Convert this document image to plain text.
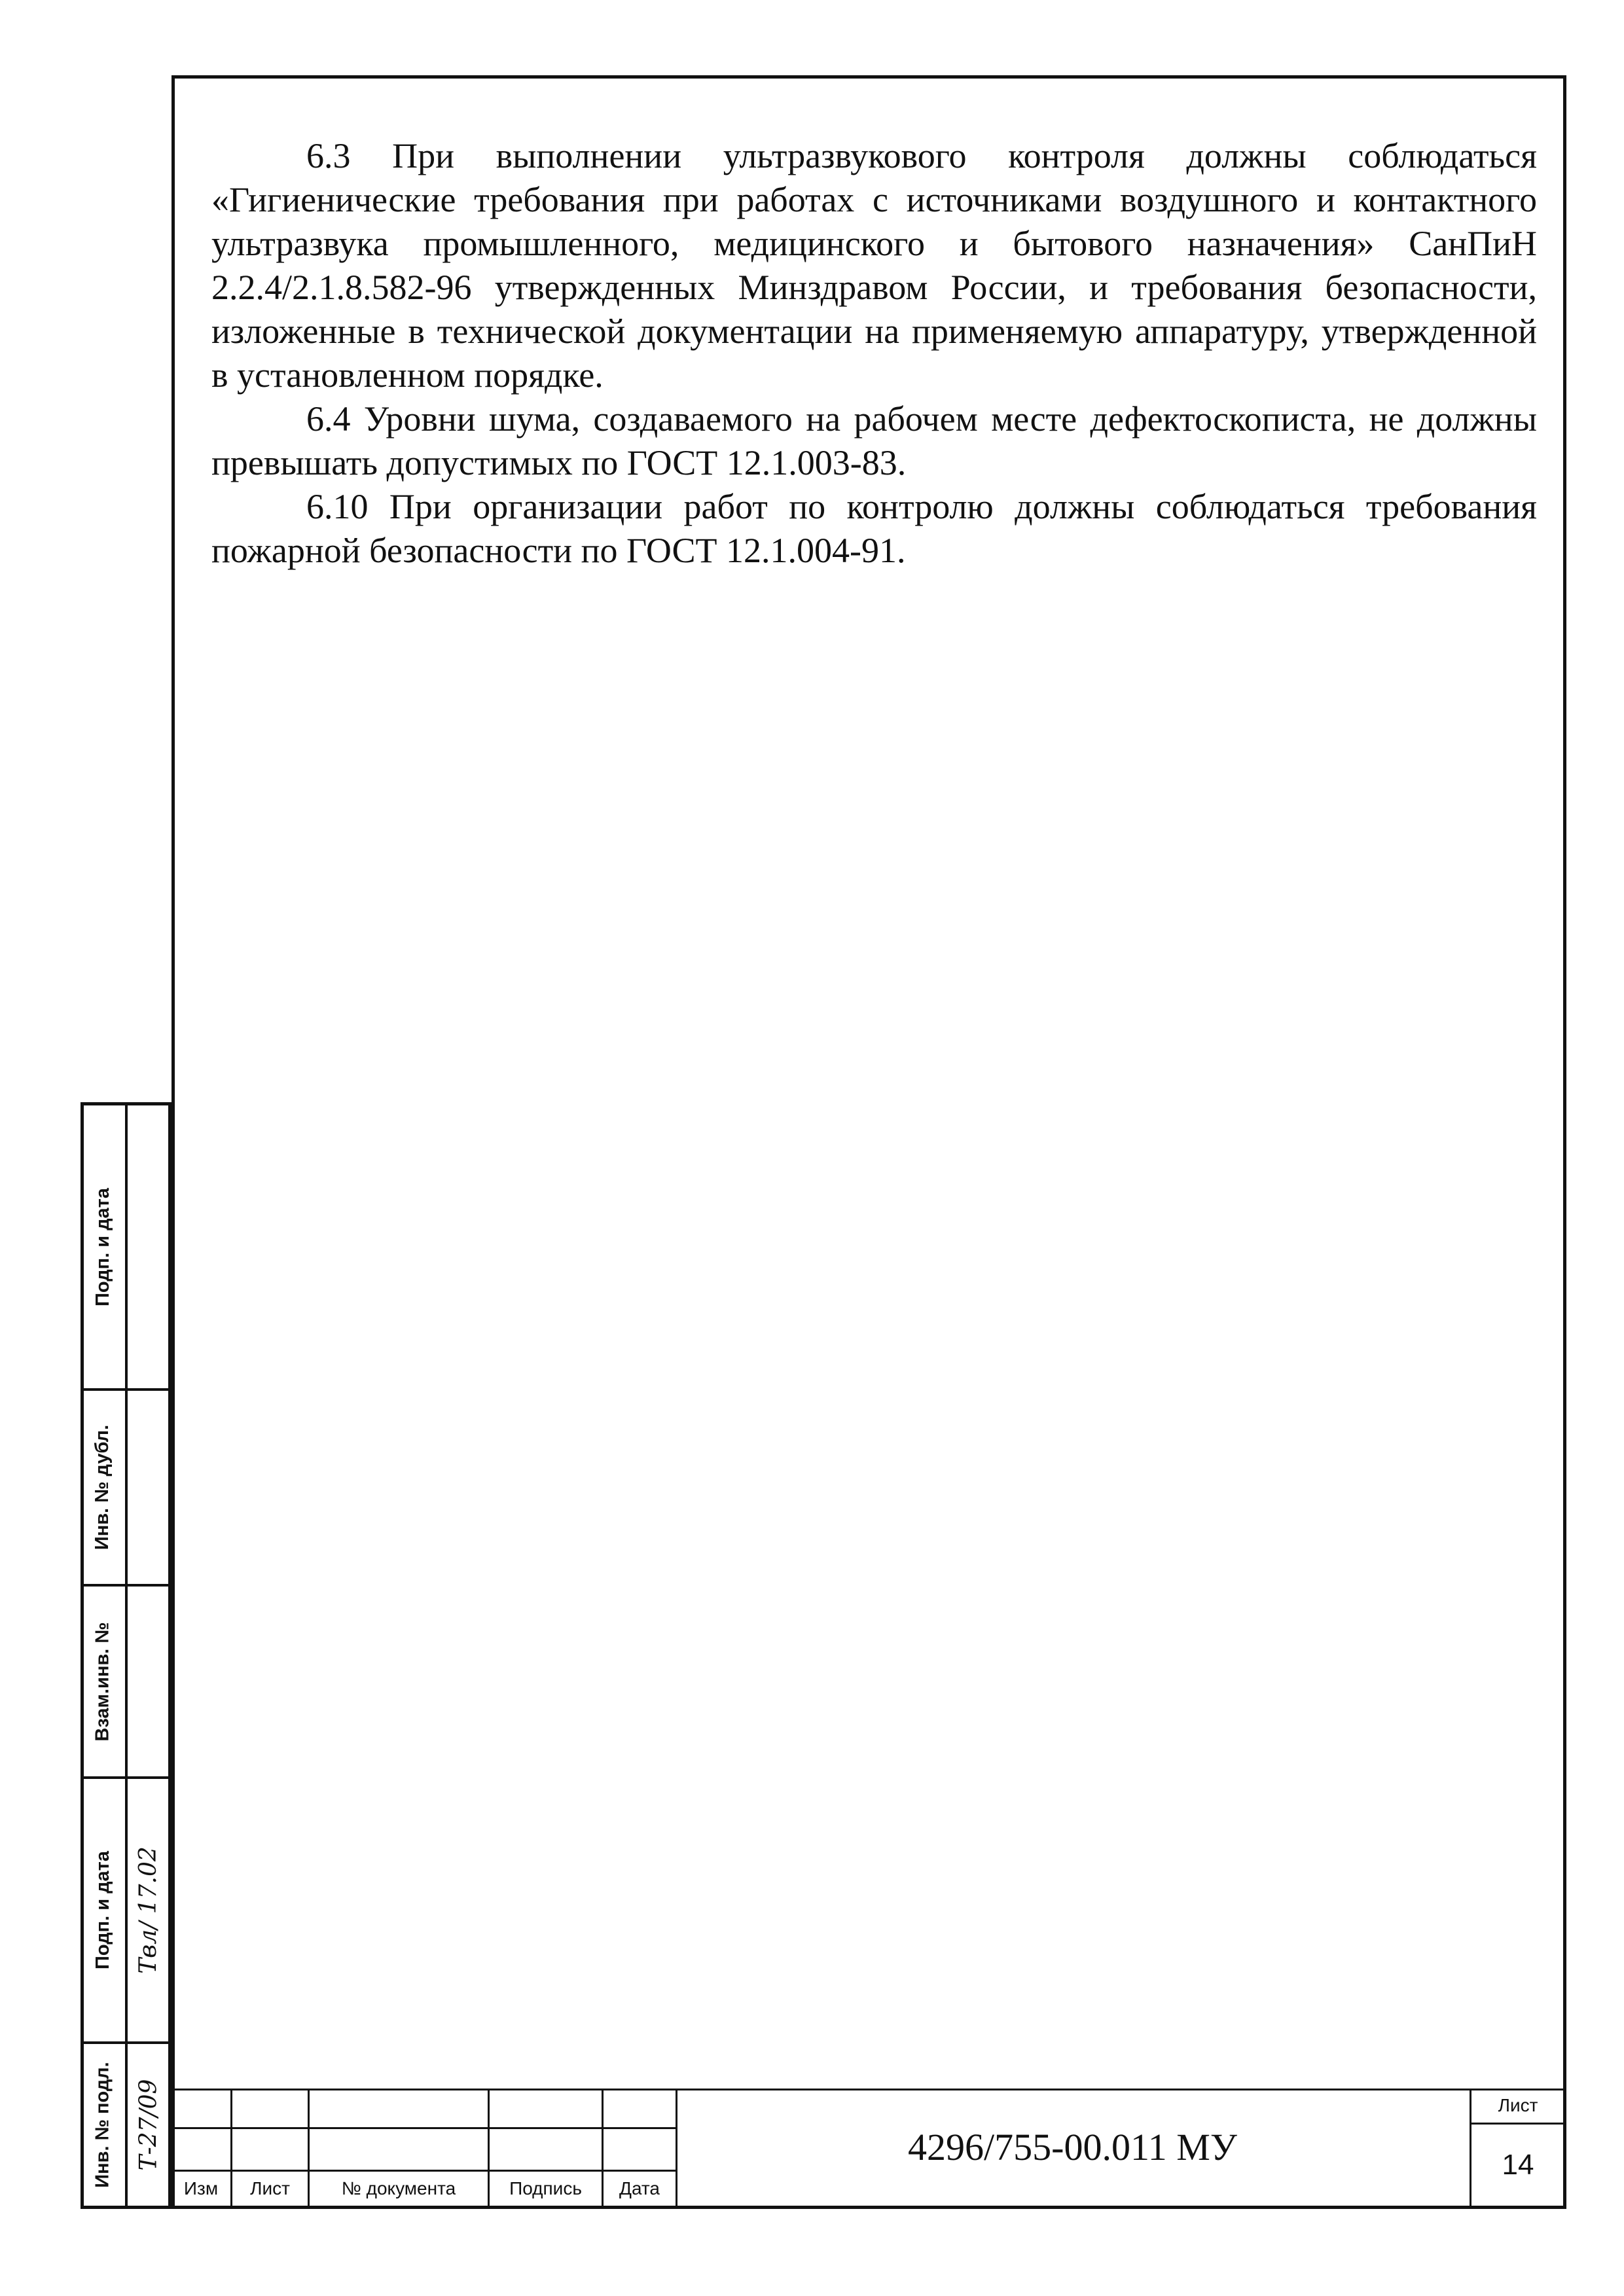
6.3 При выполнении ультразвукового контроля должны соблюдаться «Гигиенические требования при работах с источниками воздушного и контактного ультразвука промышленного, медицинского и бытового назначения» СанПиН 2.2.4/2.1.8.582-96 утвержденных Минздравом России, и требования безопасности, изложенные в технической документации на применяемую аппаратуру, утвержденной в установленном порядке.

6.4 Уровни шума, создаваемого на рабочем месте дефектоскописта, не должны превышать допустимых по ГОСТ 12.1.003-83.

6.10 При организации работ по контролю должны соблюдаться требования пожарной безопасности по ГОСТ 12.1.004-91.

Подп. и дата
Инв. № дубл.
Взам.инв. №
Подп. и дата
Инв. № подл.
Твл/ 17.02
Т-27/09
Изм	Лист	№ документа	Подпись	Дата
4296/755-00.011 МУ
Лист
14
